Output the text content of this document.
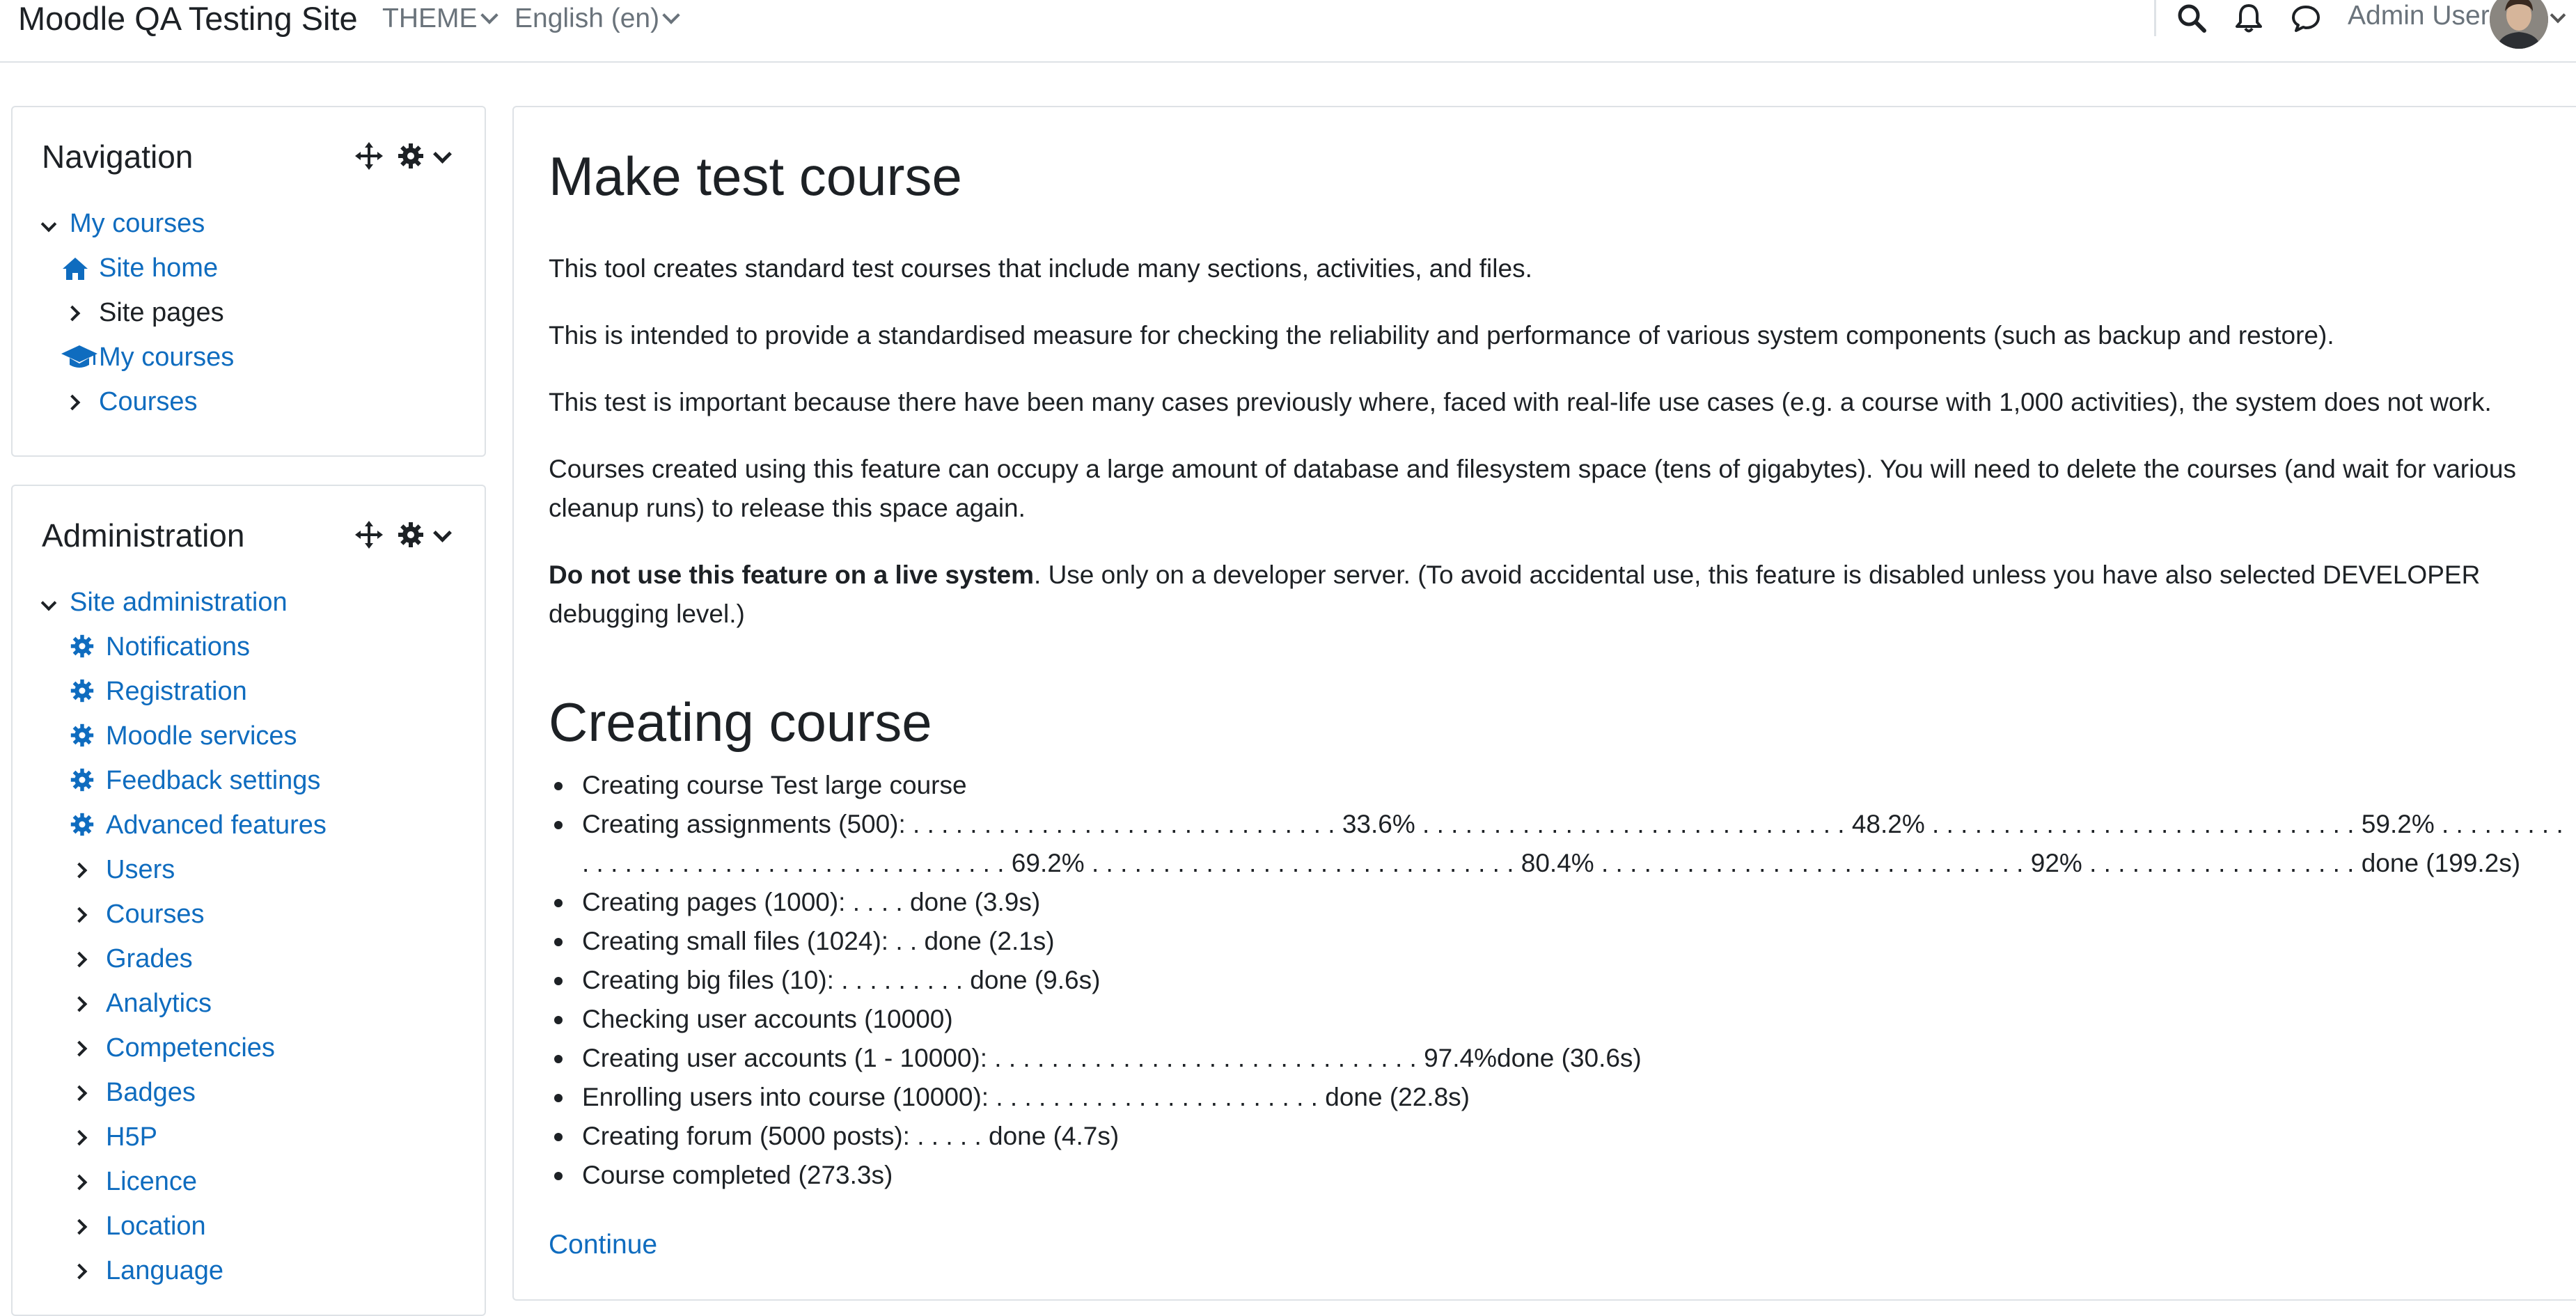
Moodle QA Testing Site THEME	English (en)	Admin User
Navigation
My courses
Site home
Site pages
My courses
Courses
Administration
Site administration
Notifications
Registration
Moodle services
Feedback settings
Advanced features
Users
Courses
Grades
Analytics
Competencies
Badges
H5P
Licence
Location
Language
Make test course
This tool creates standard test courses that include many sections, activities, and files.
This is intended to provide a standardised measure for checking the reliability and performance of various system components (such as backup and restore).
This test is important because there have been many cases previously where, faced with real-life use cases (e.g. a course with 1,000 activities), the system does not work.
Courses created using this feature can occupy a large amount of database and filesystem space (tens of gigabytes). You will need to delete the courses (and wait for various cleanup runs) to release this space again.
Do not use this feature on a live system. Use only on a developer server. (To avoid accidental use, this feature is disabled unless you have also selected DEVELOPER debugging level.)
Creating course
Creating course Test large course
Creating assignments (500): . . . . . . . . . . . . . . . . . . . . . . . . . . . . . . 33.6% . . . . . . . . . . . . . . . . . . . . . . . . . . . . . . 48.2% . . . . . . . . . . . . . . . . . . . . . . . . . . . . . . 59.2% . . . . . . . . . . . . . . . . . . . . . . . . . . . . . . . . . . . . . . . 69.2% . . . . . . . . . . . . . . . . . . . . . . . . . . . . . . 80.4% . . . . . . . . . . . . . . . . . . . . . . . . . . . . . . 92% . . . . . . . . . . . . . . . . . . . done (199.2s)
Creating pages (1000): . . . . done (3.9s)
Creating small files (1024): . . done (2.1s)
Creating big files (10): . . . . . . . . . done (9.6s)
Checking user accounts (10000)
Creating user accounts (1 - 10000): . . . . . . . . . . . . . . . . . . . . . . . . . . . . . . 97.4%done (30.6s)
Enrolling users into course (10000): . . . . . . . . . . . . . . . . . . . . . . . done (22.8s)
Creating forum (5000 posts): . . . . . done (4.7s)
Course completed (273.3s)
Continue
